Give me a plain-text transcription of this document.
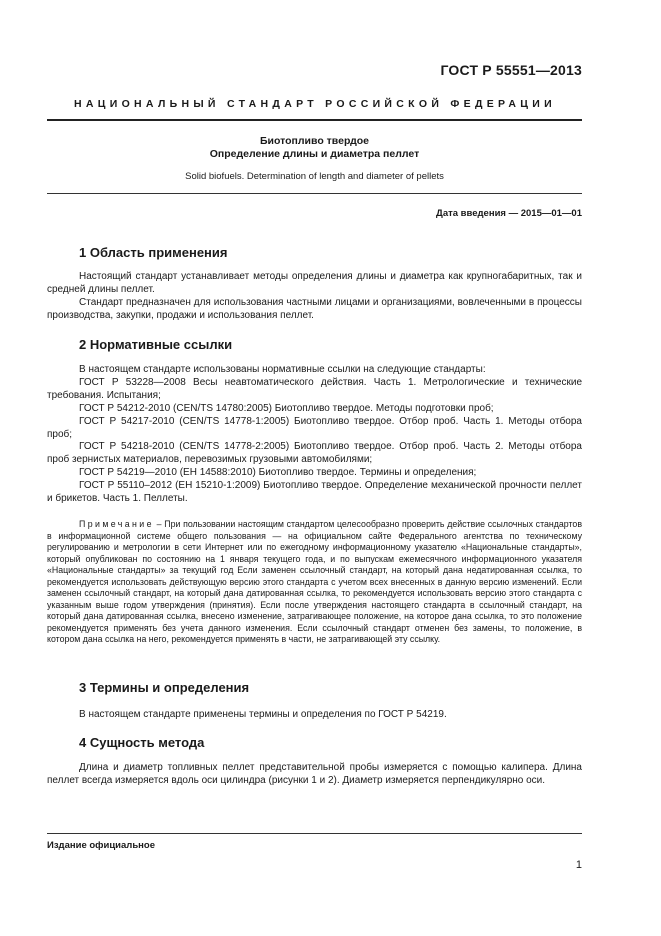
ГОСТ Р 55551—2013
НАЦИОНАЛЬНЫЙ СТАНДАРТ РОССИЙСКОЙ ФЕДЕРАЦИИ
Биотопливо твердое
Определение длины и диаметра пеллет
Solid biofuels. Determination of length and diameter of pellets
Дата введения — 2015—01—01
1 Область применения

Настоящий стандарт устанавливает методы определения длины и диаметра как крупногабаритных, так и средней длины пеллет.

Стандарт предназначен для использования частными лицами и организациями, вовлеченными в процессы производства, закупки, продажи и использования пеллет.

2 Нормативные ссылки

В настоящем стандарте использованы нормативные ссылки на следующие стандарты:

ГОСТ Р 53228—2008 Весы неавтоматического действия. Часть 1. Метрологические и технические требования. Испытания;

ГОСТ Р 54212-2010 (CEN/TS 14780:2005) Биотопливо твердое. Методы подготовки проб;

ГОСТ Р 54217-2010 (CEN/TS 14778-1:2005) Биотопливо твердое. Отбор проб. Часть 1. Методы отбора проб;

ГОСТ Р 54218-2010 (CEN/TS 14778-2:2005) Биотопливо твердое. Отбор проб. Часть 2. Методы отбора проб зернистых материалов, перевозимых грузовыми автомобилями;

ГОСТ Р 54219—2010 (ЕН 14588:2010) Биотопливо твердое. Термины и определения;

ГОСТ Р 55110–2012 (ЕН 15210-1:2009) Биотопливо твердое. Определение механической прочности пеллет и брикетов. Часть 1. Пеллеты.

Примечание – При пользовании настоящим стандартом целесообразно проверить действие ссылочных стандартов в информационной системе общего пользования — на официальном сайте Федерального агентства по техническому регулированию и метрологии в сети Интернет или по ежегодному информационному указателю «Национальные стандарты», который опубликован по состоянию на 1 января текущего года, и по выпускам ежемесячного информационного указателя «Национальные стандарты» за текущий год Если заменен ссылочный стандарт, на который дана недатированная ссылка, то рекомендуется использовать действующую версию этого стандарта с учетом всех внесенных в данную версию изменений. Если заменен ссылочный стандарт, на который дана датированная ссылка, то рекомендуется использовать версию этого стандарта с указанным выше годом утверждения (принятия). Если после утверждения настоящего стандарта в ссылочный стандарт, на который дана датированная ссылка, внесено изменение, затрагивающее положение, на которое дана ссылка, то это положение рекомендуется применять без учета данного изменения. Если ссылочный стандарт отменен без замены, то положение, в котором дана ссылка на него, рекомендуется применять в части, не затрагивающей эту ссылку.

3 Термины и определения

В настоящем стандарте применены термины и определения по ГОСТ Р 54219.

4 Сущность метода

Длина и диаметр топливных пеллет представительной пробы измеряется с помощью калипера. Длина пеллет всегда измеряется вдоль оси цилиндра (рисунки 1 и 2). Диаметр измеряется перпендикулярно оси.

Издание официальное
1
